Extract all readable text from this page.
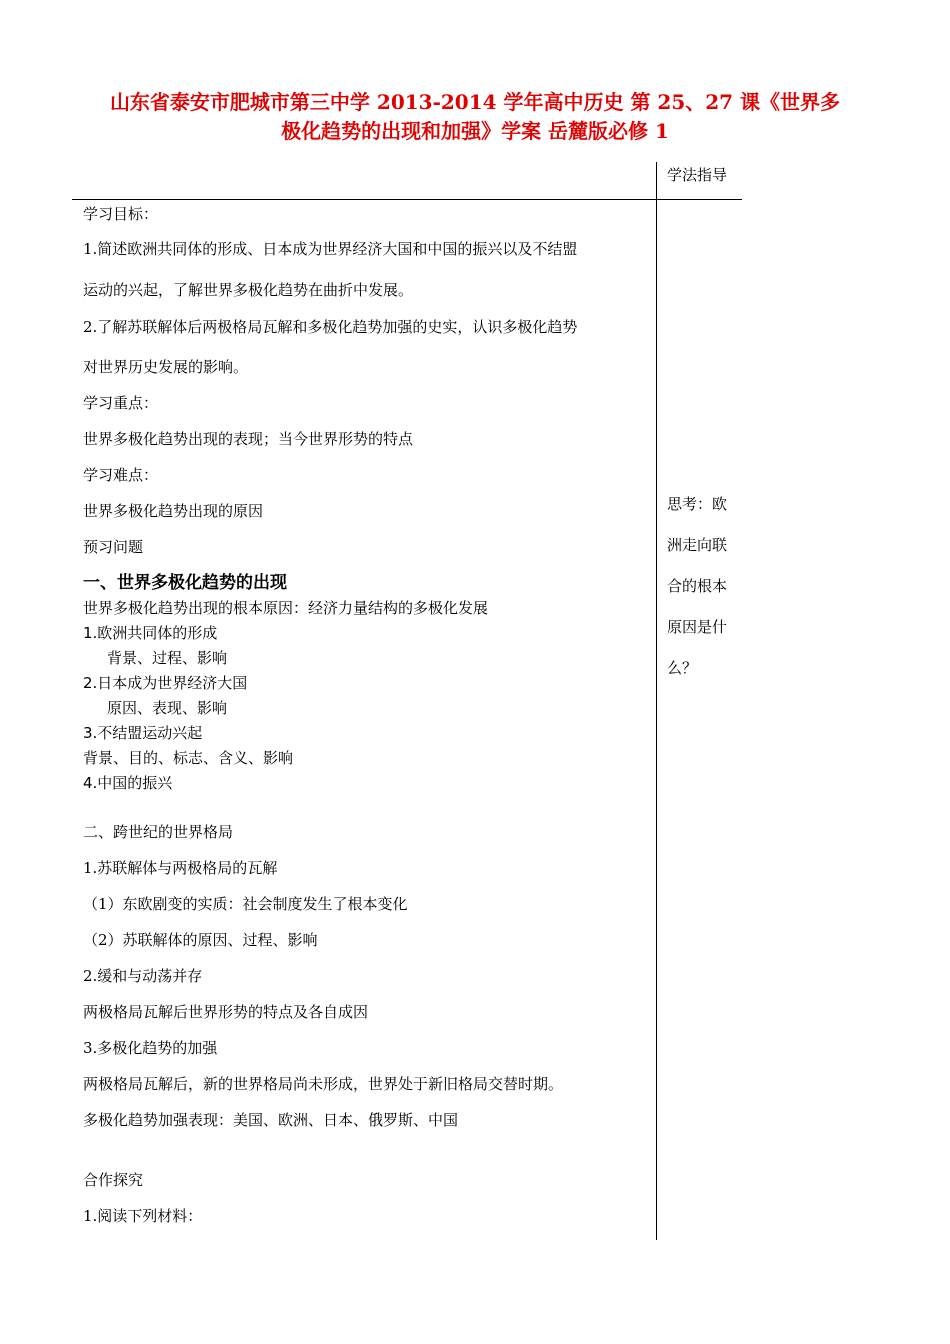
山东省泰安市肥城市第三中学 2013-2014 学年高中历史 第 25、27 课《世界多
极化趋势的出现和加强》学案 岳麓版必修 1
学法指导
思考：欧
洲走向联
合的根本
原因是什
么？
学习目标：
1.简述欧洲共同体的形成、日本成为世界经济大国和中国的振兴以及不结盟
运动的兴起，了解世界多极化趋势在曲折中发展。
2.了解苏联解体后两极格局瓦解和多极化趋势加强的史实，认识多极化趋势
对世界历史发展的影响。
学习重点：
世界多极化趋势出现的表现；当今世界形势的特点
学习难点：
世界多极化趋势出现的原因
预习问题
一、世界多极化趋势的出现
世界多极化趋势出现的根本原因：经济力量结构的多极化发展
1.欧洲共同体的形成
背景、过程、影响
2.日本成为世界经济大国
原因、表现、影响
3.不结盟运动兴起
背景、目的、标志、含义、影响
4.中国的振兴
二、跨世纪的世界格局
1.苏联解体与两极格局的瓦解
（1）东欧剧变的实质：社会制度发生了根本变化
（2）苏联解体的原因、过程、影响
2.缓和与动荡并存
两极格局瓦解后世界形势的特点及各自成因
3.多极化趋势的加强
两极格局瓦解后，新的世界格局尚未形成，世界处于新旧格局交替时期。
多极化趋势加强表现：美国、欧洲、日本、俄罗斯、中国
合作探究
1.阅读下列材料：
